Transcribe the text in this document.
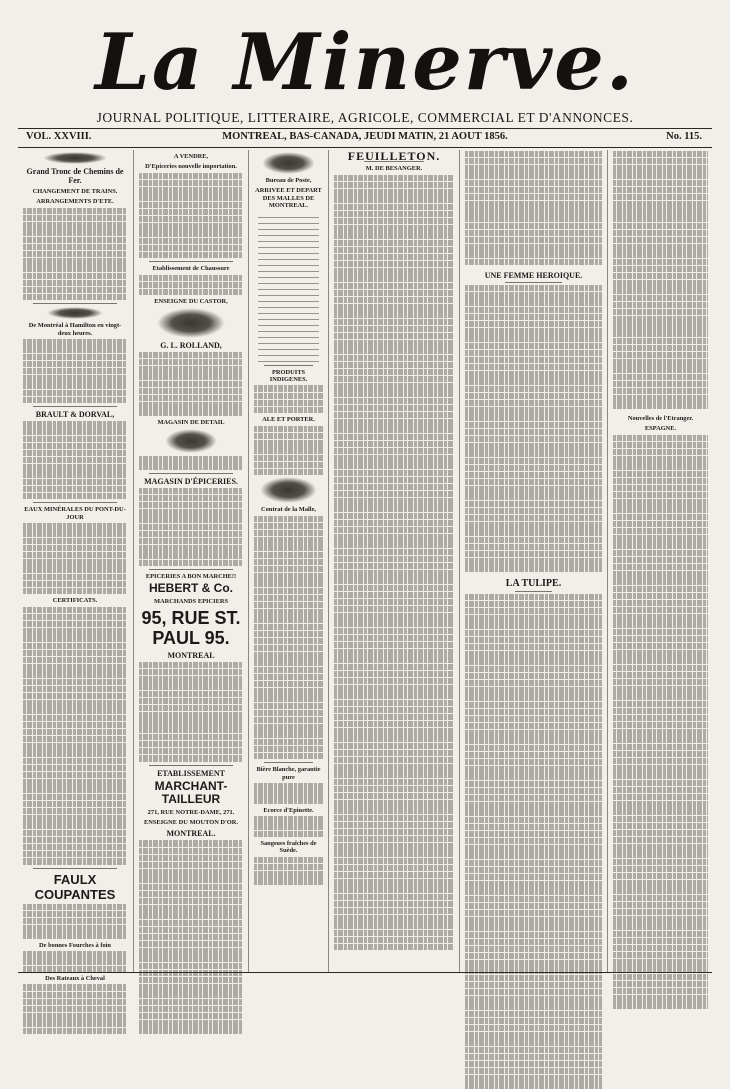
La Minerve.
JOURNAL POLITIQUE, LITTERAIRE, AGRICOLE, COMMERCIAL ET D'ANNONCES.
VOL. XXVIII.	MONTREAL, BAS-CANADA, JEUDI MATIN, 21 AOUT 1856.	No. 115.
Grand Tronc de Chemins de Fer.
CHANGEMENT DE TRAINS.
ARRANGEMENTS D'ETE.
De Montréal à Hamilton en vingt-deux heures.
BRAULT & DORVAL,
EAUX MINÉRALES DU PONT-DU-JOUR
CERTIFICATS.
FAULX COUPANTES
De bonnes Fourches à foin
Des Rateaux à Cheval
A VENDRE,
D'Epiceries nouvelle importation.
Etablissement de Chaussure
ENSEIGNE DU CASTOR,
G. L. ROLLAND,
MAGASIN DE DETAIL
MAGASIN D'ÉPICERIES.
EPICERIES A BON MARCHE!!
HEBERT & Co.
MARCHANDS EPICIERS
95, RUE ST. PAUL 95.
MONTREAL
ETABLISSEMENT
MARCHANT-TAILLEUR
271, RUE NOTRE-DAME, 271.
ENSEIGNE DU MOUTON D'OR.
MONTREAL.
Bureau de Poste,
ARRIVEE ET DEPART DES MALLES DE MONTREAL.
PRODUITS INDIGENES.
ALE ET PORTER.
Contrat de la Malle,
Bière Blanche, garantie pure
Ecorce d'Epinette.
Sangsues fraîches de Suède.
FEUILLETON.
M. DE BESANGER.
UNE FEMME HEROIQUE.
LA TULIPE.
Nouvelles de l'Etranger.
ESPAGNE.
